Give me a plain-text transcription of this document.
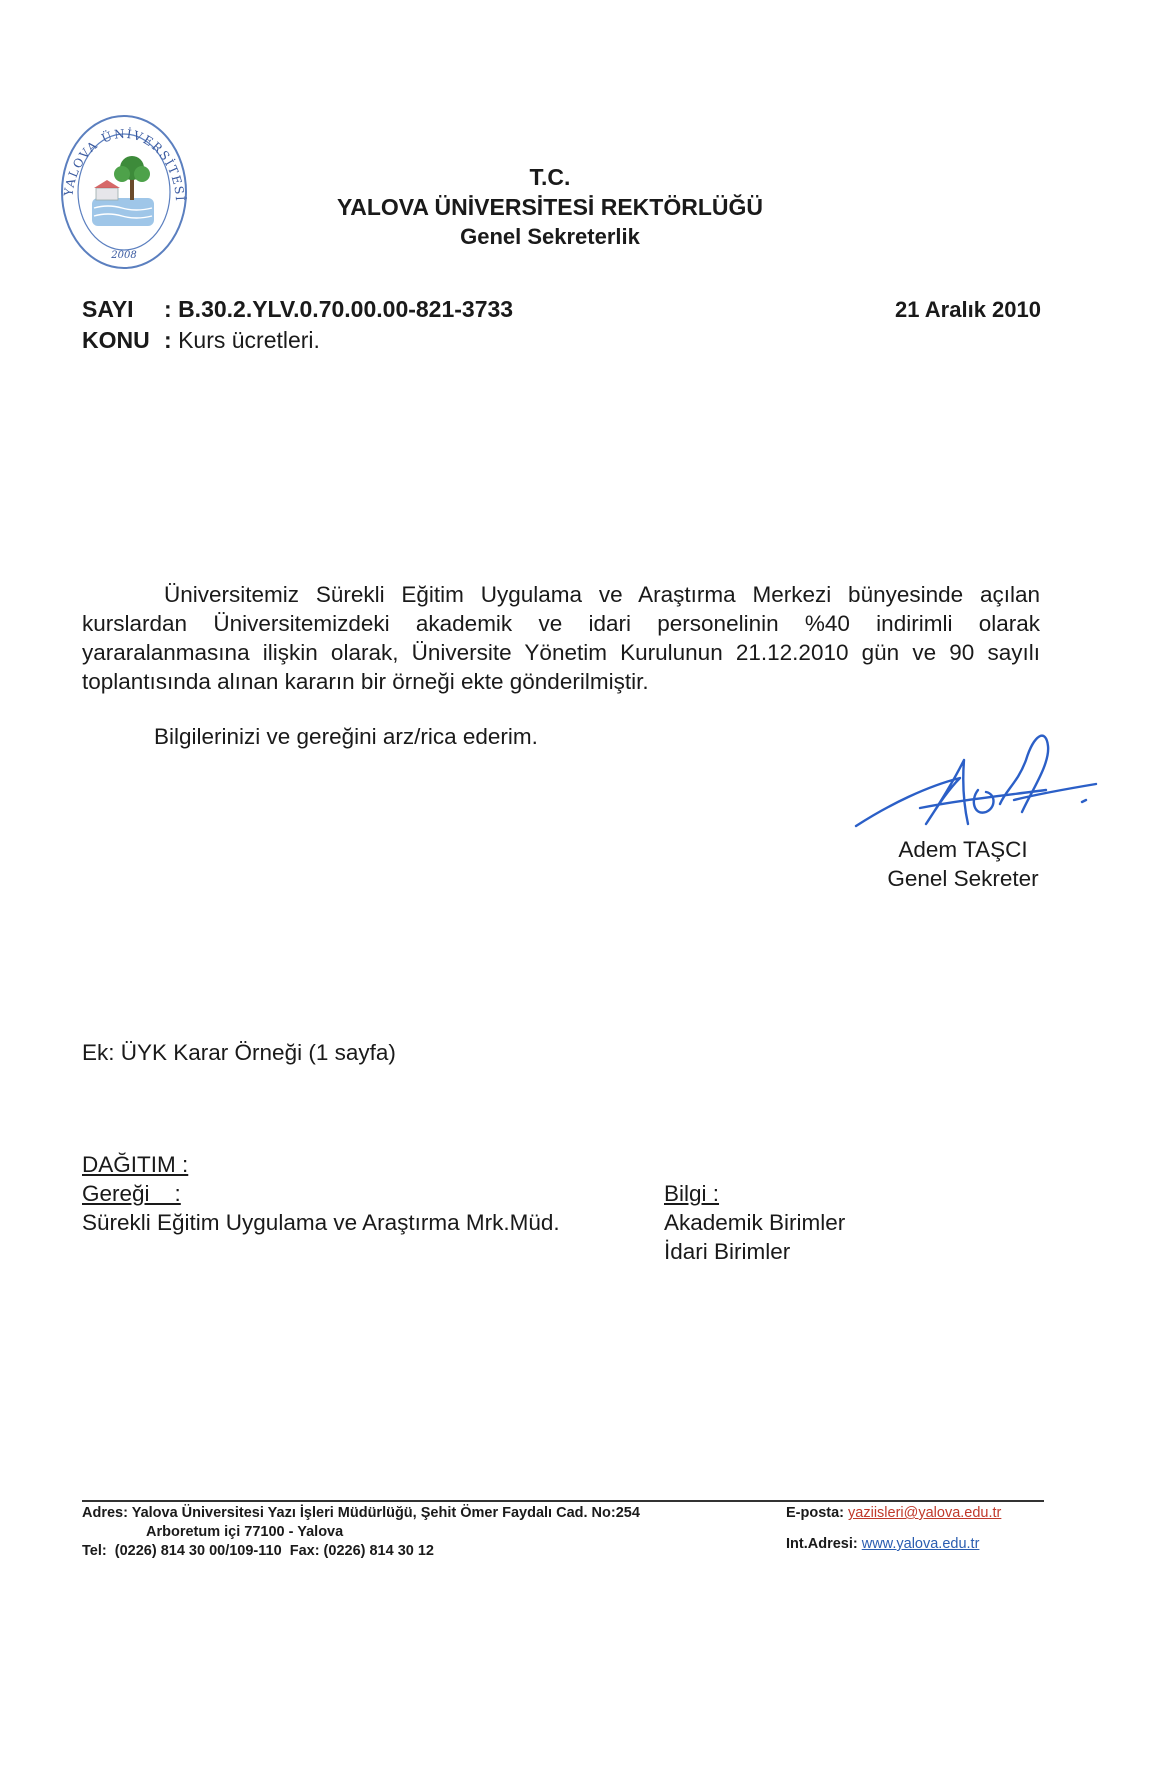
YALOVA ÜNİVERSİTESİ
2008
T.C.
YALOVA ÜNİVERSİTESİ REKTÖRLÜĞÜ
Genel Sekreterlik
SAYI : B.30.2.YLV.0.70.00.00-821-3733
KONU : Kurs ücretleri.
21 Aralık 2010
Üniversitemiz Sürekli Eğitim Uygulama ve Araştırma Merkezi bünyesinde açılan kurslardan Üniversitemizdeki akademik ve idari personelinin %40 indirimli olarak yararalanmasına ilişkin olarak, Üniversite Yönetim Kurulunun 21.12.2010 gün ve 90 sayılı toplantısında alınan kararın bir örneği ekte gönderilmiştir.
Bilgilerinizi ve gereğini arz/rica ederim.
Adem TAŞCI
Genel Sekreter
Ek: ÜYK Karar Örneği (1 sayfa)
DAĞITIM :
Gereği    :
Sürekli Eğitim Uygulama ve Araştırma Mrk.Müd.
Bilgi :
Akademik Birimler
İdari Birimler
Adres: Yalova Üniversitesi Yazı İşleri Müdürlüğü, Şehit Ömer Faydalı Cad. No:254
Arboretum içi 77100 - Yalova
Tel:  (0226) 814 30 00/109-110  Fax: (0226) 814 30 12
E-posta: yaziisleri@yalova.edu.tr
Int.Adresi: www.yalova.edu.tr
